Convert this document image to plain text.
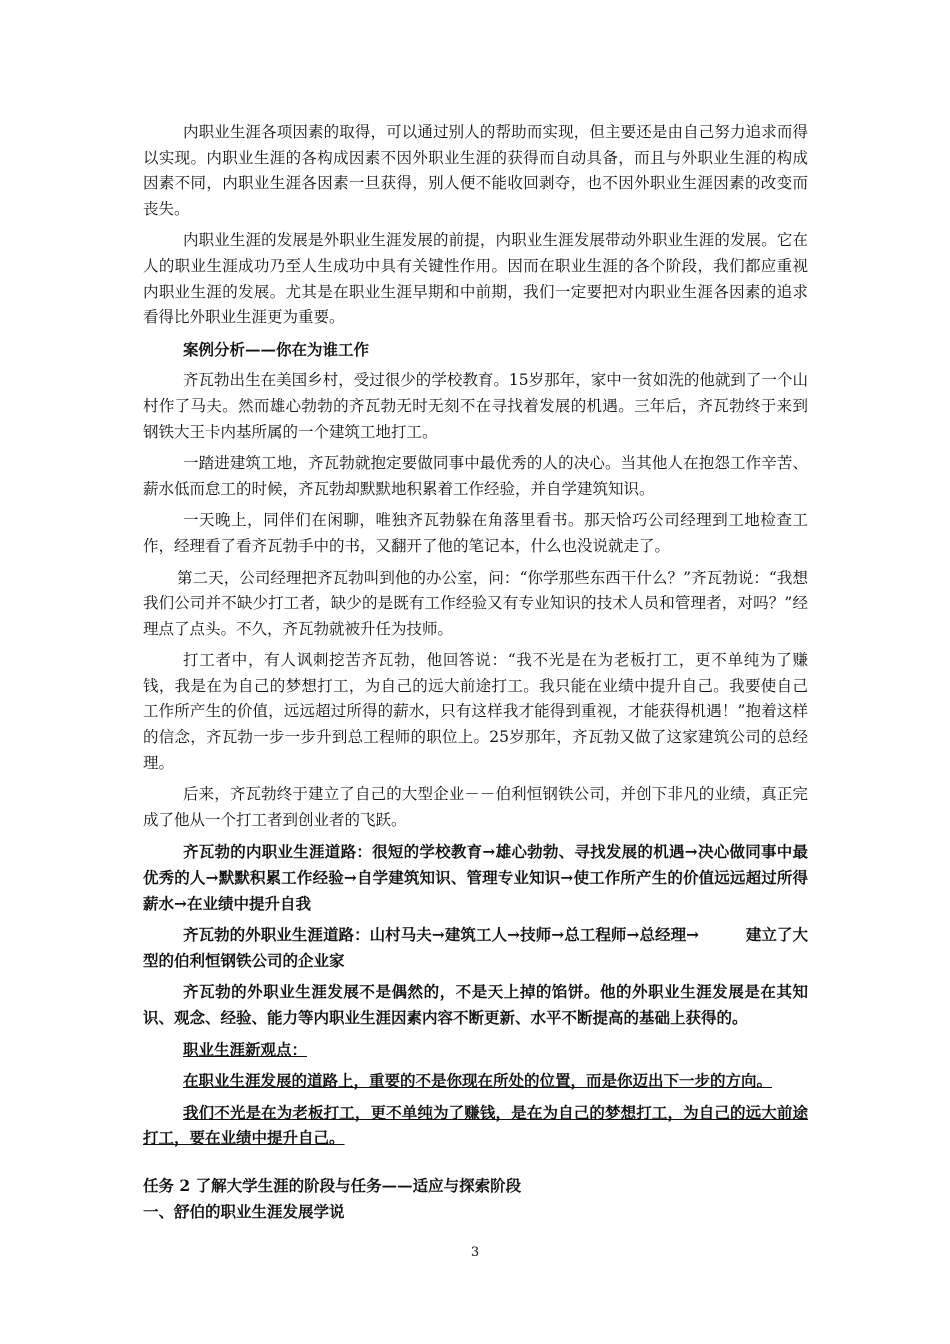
内职业生涯各项因素的取得，可以通过别人的帮助而实现，但主要还是由自己努力追求而得以实现。内职业生涯的各构成因素不因外职业生涯的获得而自动具备，而且与外职业生涯的构成因素不同，内职业生涯各因素一旦获得，别人便不能收回剥夺，也不因外职业生涯因素的改变而丧失。

内职业生涯的发展是外职业生涯发展的前提，内职业生涯发展带动外职业生涯的发展。它在人的职业生涯成功乃至人生成功中具有关键性作用。因而在职业生涯的各个阶段，我们都应重视内职业生涯的发展。尤其是在职业生涯早期和中前期，我们一定要把对内职业生涯各因素的追求看得比外职业生涯更为重要。

案例分析——你在为谁工作

齐瓦勃出生在美国乡村，受过很少的学校教育。15岁那年，家中一贫如洗的他就到了一个山村作了马夫。然而雄心勃勃的齐瓦勃无时无刻不在寻找着发展的机遇。三年后，齐瓦勃终于来到钢铁大王卡内基所属的一个建筑工地打工。

一踏进建筑工地，齐瓦勃就抱定要做同事中最优秀的人的决心。当其他人在抱怨工作辛苦、薪水低而怠工的时候，齐瓦勃却默默地积累着工作经验，并自学建筑知识。

一天晚上，同伴们在闲聊，唯独齐瓦勃躲在角落里看书。那天恰巧公司经理到工地检查工作，经理看了看齐瓦勃手中的书，又翻开了他的笔记本，什么也没说就走了。

第二天，公司经理把齐瓦勃叫到他的办公室，问：“你学那些东西干什么？”齐瓦勃说：“我想我们公司并不缺少打工者，缺少的是既有工作经验又有专业知识的技术人员和管理者，对吗？”经理点了点头。不久，齐瓦勃就被升任为技师。

打工者中，有人讽刺挖苦齐瓦勃，他回答说：“我不光是在为老板打工，更不单纯为了赚钱，我是在为自己的梦想打工，为自己的远大前途打工。我只能在业绩中提升自己。我要使自己工作所产生的价值，远远超过所得的薪水，只有这样我才能得到重视，才能获得机遇！”抱着这样的信念，齐瓦勃一步一步升到总工程师的职位上。25岁那年，齐瓦勃又做了这家建筑公司的总经理。

后来，齐瓦勃终于建立了自己的大型企业－－伯利恒钢铁公司，并创下非凡的业绩，真正完成了他从一个打工者到创业者的飞跃。

齐瓦勃的内职业生涯道路：很短的学校教育→雄心勃勃、寻找发展的机遇→决心做同事中最优秀的人→默默积累工作经验→自学建筑知识、管理专业知识→使工作所产生的价值远远超过所得薪水→在业绩中提升自我

齐瓦勃的外职业生涯道路：山村马夫→建筑工人→技师→总工程师→总经理→　　　建立了大型的伯利恒钢铁公司的企业家

齐瓦勃的外职业生涯发展不是偶然的，不是天上掉的馅饼。他的外职业生涯发展是在其知识、观念、经验、能力等内职业生涯因素内容不断更新、水平不断提高的基础上获得的。

职业生涯新观点：

在职业生涯发展的道路上，重要的不是你现在所处的位置，而是你迈出下一步的方向。

我们不光是在为老板打工，更不单纯为了赚钱，是在为自己的梦想打工，为自己的远大前途打工，要在业绩中提升自己。

任务 2 了解大学生涯的阶段与任务——适应与探索阶段
一、舒伯的职业生涯发展学说
3
